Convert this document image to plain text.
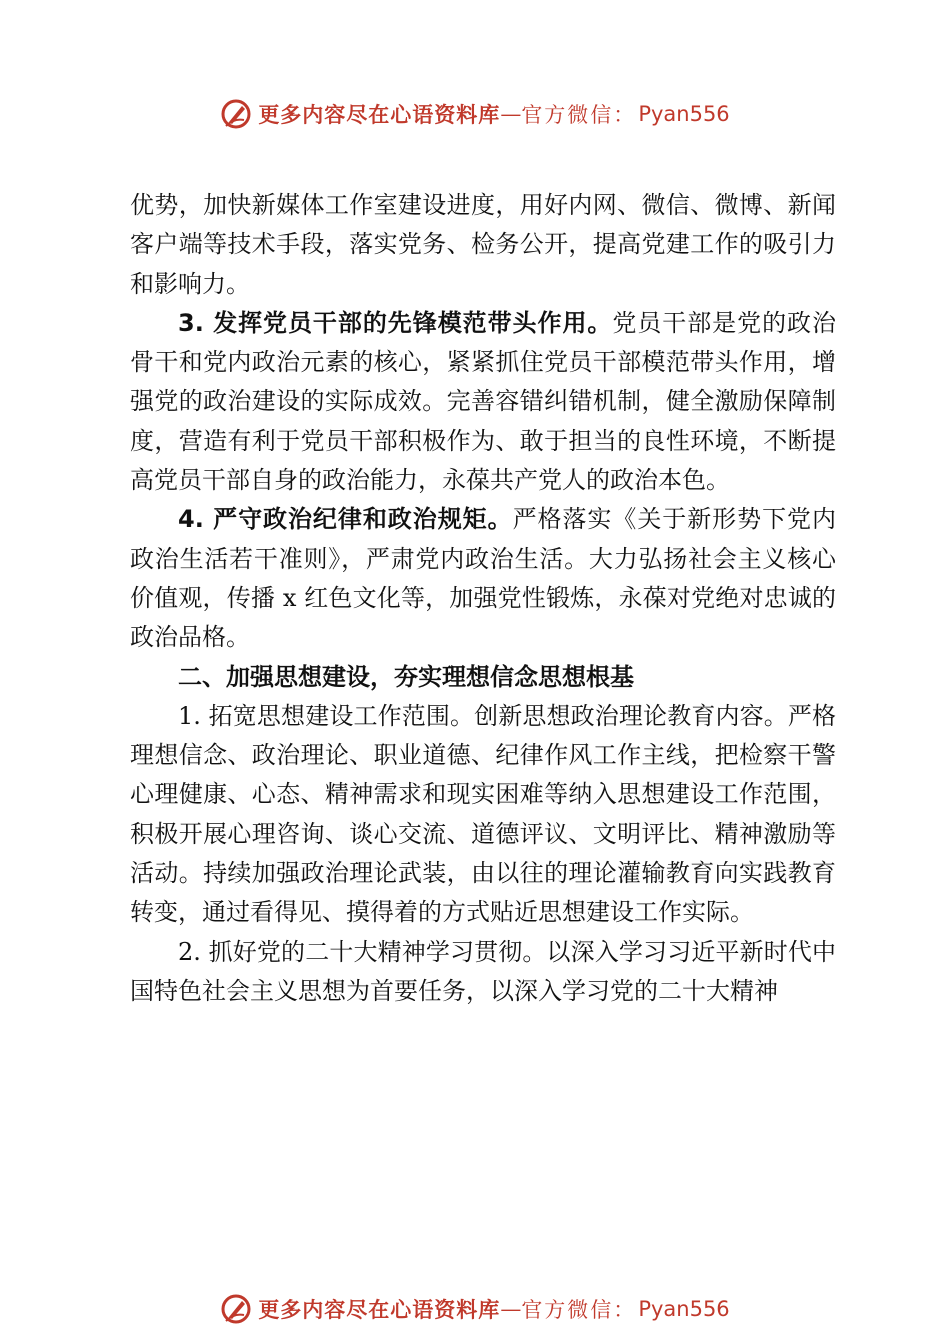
更多内容尽在心语资料库 — 官方微信： Pyan556

优势，加快新媒体工作室建设进度，用好内网、微信、微博、新闻客户端等技术手段，落实党务、检务公开，提高党建工作的吸引力和影响力。

3. 发挥党员干部的先锋模范带头作用。党员干部是党的政治骨干和党内政治元素的核心，紧紧抓住党员干部模范带头作用，增强党的政治建设的实际成效。完善容错纠错机制，健全激励保障制度，营造有利于党员干部积极作为、敢于担当的良性环境，不断提高党员干部自身的政治能力，永葆共产党人的政治本色。

4. 严守政治纪律和政治规矩。严格落实《关于新形势下党内政治生活若干准则》，严肃党内政治生活。大力弘扬社会主义核心价值观，传播 x 红色文化等，加强党性锻炼，永葆对党绝对忠诚的政治品格。

二、加强思想建设，夯实理想信念思想根基

1. 拓宽思想建设工作范围。创新思想政治理论教育内容。严格理想信念、政治理论、职业道德、纪律作风工作主线，把检察干警心理健康、心态、精神需求和现实困难等纳入思想建设工作范围，积极开展心理咨询、谈心交流、道德评议、文明评比、精神激励等活动。持续加强政治理论武装，由以往的理论灌输教育向实践教育转变，通过看得见、摸得着的方式贴近思想建设工作实际。

2. 抓好党的二十大精神学习贯彻。以深入学习习近平新时代中国特色社会主义思想为首要任务，以深入学习党的二十大精神

更多内容尽在心语资料库 — 官方微信： Pyan556
